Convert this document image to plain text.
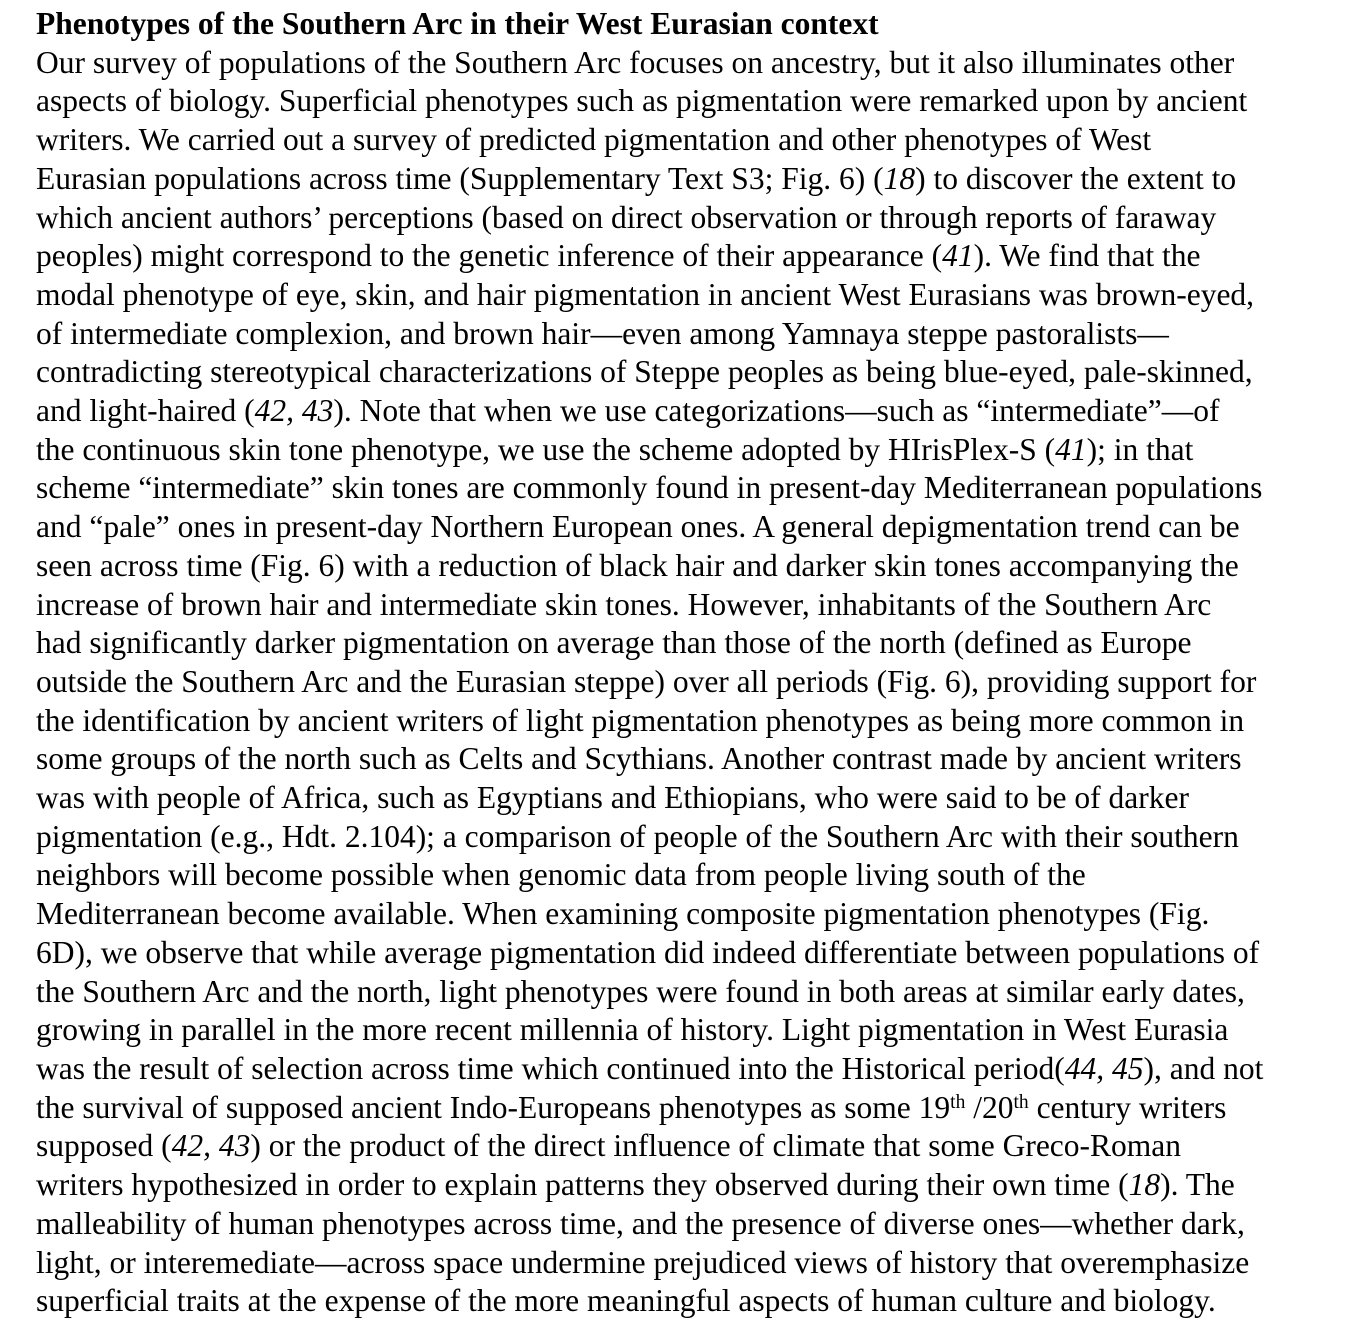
Phenotypes of the Southern Arc in their West Eurasian context
Our survey of populations of the Southern Arc focuses on ancestry, but it also illuminates other
aspects of biology. Superficial phenotypes such as pigmentation were remarked upon by ancient
writers. We carried out a survey of predicted pigmentation and other phenotypes of West
Eurasian populations across time (Supplementary Text S3; Fig. 6) (18) to discover the extent to
which ancient authors’ perceptions (based on direct observation or through reports of faraway
peoples) might correspond to the genetic inference of their appearance (41). We find that the
modal phenotype of eye, skin, and hair pigmentation in ancient West Eurasians was brown-eyed,
of intermediate complexion, and brown hair—even among Yamnaya steppe pastoralists—
contradicting stereotypical characterizations of Steppe peoples as being blue-eyed, pale-skinned,
and light-haired (42, 43). Note that when we use categorizations—such as “intermediate”—of
the continuous skin tone phenotype, we use the scheme adopted by HIrisPlex-S (41); in that
scheme “intermediate” skin tones are commonly found in present-day Mediterranean populations
and “pale” ones in present-day Northern European ones. A general depigmentation trend can be
seen across time (Fig. 6) with a reduction of black hair and darker skin tones accompanying the
increase of brown hair and intermediate skin tones. However, inhabitants of the Southern Arc
had significantly darker pigmentation on average than those of the north (defined as Europe
outside the Southern Arc and the Eurasian steppe) over all periods (Fig. 6), providing support for
the identification by ancient writers of light pigmentation phenotypes as being more common in
some groups of the north such as Celts and Scythians. Another contrast made by ancient writers
was with people of Africa, such as Egyptians and Ethiopians, who were said to be of darker
pigmentation (e.g., Hdt. 2.104); a comparison of people of the Southern Arc with their southern
neighbors will become possible when genomic data from people living south of the
Mediterranean become available. When examining composite pigmentation phenotypes (Fig.
6D), we observe that while average pigmentation did indeed differentiate between populations of
the Southern Arc and the north, light phenotypes were found in both areas at similar early dates,
growing in parallel in the more recent millennia of history. Light pigmentation in West Eurasia
was the result of selection across time which continued into the Historical period(44, 45), and not
the survival of supposed ancient Indo-Europeans phenotypes as some 19th /20th century writers
supposed (42, 43) or the product of the direct influence of climate that some Greco-Roman
writers hypothesized in order to explain patterns they observed during their own time (18). The
malleability of human phenotypes across time, and the presence of diverse ones—whether dark,
light, or interemediate—across space undermine prejudiced views of history that overemphasize
superficial traits at the expense of the more meaningful aspects of human culture and biology.
